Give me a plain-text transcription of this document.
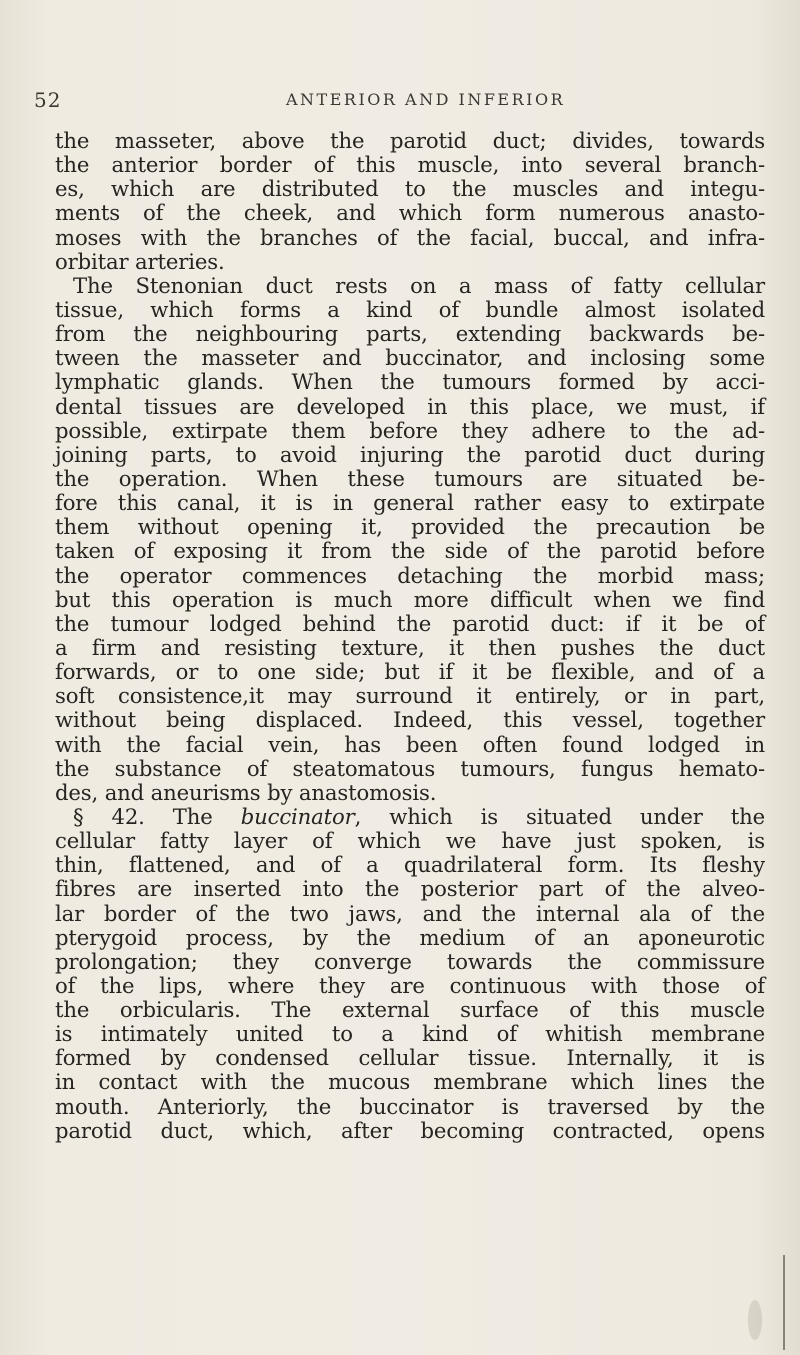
52	ANTERIOR AND INFERIOR
the masseter, above the parotid duct; divides, towards
the anterior border of this muscle, into several branch-
es, which are distributed to the muscles and integu-
ments of the cheek, and which form numerous anasto-
moses with the branches of the facial, buccal, and infra-
orbitar arteries.
The Stenonian duct rests on a mass of fatty cellular
tissue, which forms a kind of bundle almost isolated
from the neighbouring parts, extending backwards be-
tween the masseter and buccinator, and inclosing some
lymphatic glands. When the tumours formed by acci-
dental tissues are developed in this place, we must, if
possible, extirpate them before they adhere to the ad-
joining parts, to avoid injuring the parotid duct during
the operation. When these tumours are situated be-
fore this canal, it is in general rather easy to extirpate
them without opening it, provided the precaution be
taken of exposing it from the side of the parotid before
the operator commences detaching the morbid mass;
but this operation is much more difficult when we find
the tumour lodged behind the parotid duct: if it be of
a firm and resisting texture, it then pushes the duct
forwards, or to one side; but if it be flexible, and of a
soft consistence,it may surround it entirely, or in part,
without being displaced. Indeed, this vessel, together
with the facial vein, has been often found lodged in
the substance of steatomatous tumours, fungus hemato-
des, and aneurisms by anastomosis.
§ 42. The buccinator, which is situated under the
cellular fatty layer of which we have just spoken, is
thin, flattened, and of a quadrilateral form. Its fleshy
fibres are inserted into the posterior part of the alveo-
lar border of the two jaws, and the internal ala of the
pterygoid process, by the medium of an aponeurotic
prolongation; they converge towards the commissure
of the lips, where they are continuous with those of
the orbicularis. The external surface of this muscle
is intimately united to a kind of whitish membrane
formed by condensed cellular tissue. Internally, it is
in contact with the mucous membrane which lines the
mouth. Anteriorly, the buccinator is traversed by the
parotid duct, which, after becoming contracted, opens
